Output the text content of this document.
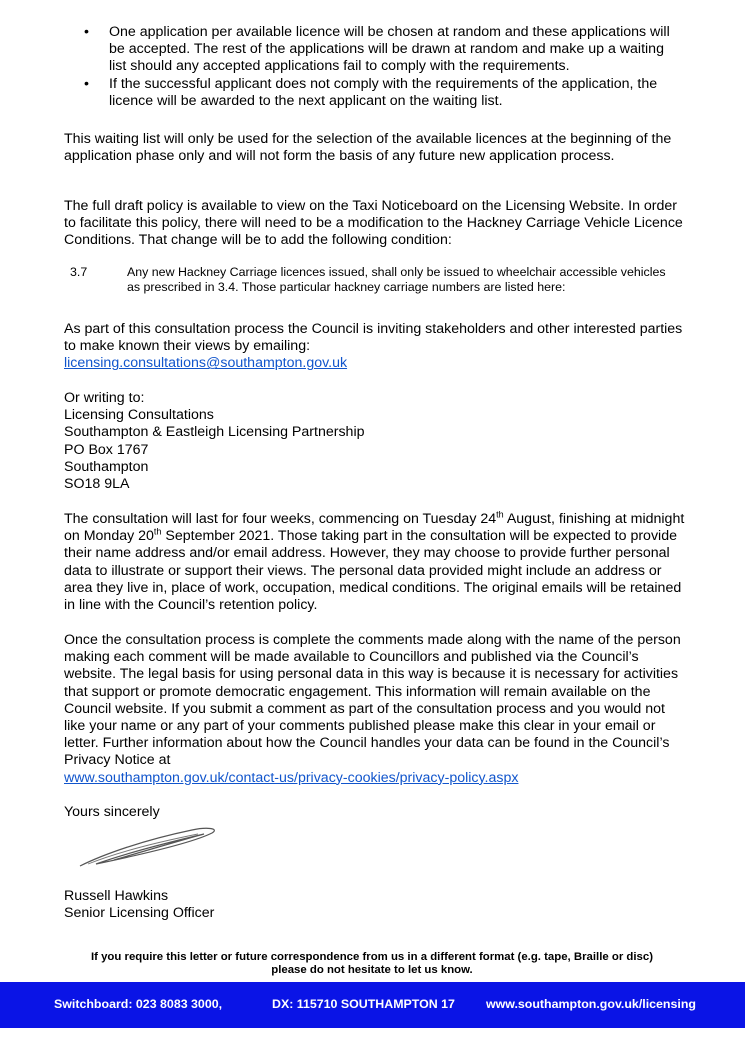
• One application per available licence will be chosen at random and these applications will be accepted. The rest of the applications will be drawn at random and make up a waiting list should any accepted applications fail to comply with the requirements.
• If the successful applicant does not comply with the requirements of the application, the licence will be awarded to the next applicant on the waiting list.

This waiting list will only be used for the selection of the available licences at the beginning of the application phase only and will not form the basis of any future new application process.

The full draft policy is available to view on the Taxi Noticeboard on the Licensing Website. In order to facilitate this policy, there will need to be a modification to the Hackney Carriage Vehicle Licence Conditions. That change will be to add the following condition:

3.7	Any new Hackney Carriage licences issued, shall only be issued to wheelchair accessible vehicles as prescribed in 3.4. Those particular hackney carriage numbers are listed here:
As part of this consultation process the Council is inviting stakeholders and other interested parties to make known their views by emailing:
licensing.consultations@southampton.gov.uk
Or writing to:
Licensing Consultations
Southampton & Eastleigh Licensing Partnership
PO Box 1767
Southampton
SO18 9LA

The consultation will last for four weeks, commencing on Tuesday 24th August, finishing at midnight on Monday 20th September 2021. Those taking part in the consultation will be expected to provide their name address and/or email address. However, they may choose to provide further personal data to illustrate or support their views. The personal data provided might include an address or area they live in, place of work, occupation, medical conditions. The original emails will be retained in line with the Council’s retention policy.

Once the consultation process is complete the comments made along with the name of the person making each comment will be made available to Councillors and published via the Council’s website. The legal basis for using personal data in this way is because it is necessary for activities that support or promote democratic engagement. This information will remain available on the Council website. If you submit a comment as part of the consultation process and you would not like your name or any part of your comments published please make this clear in your email or letter. Further information about how the Council handles your data can be found in the Council’s Privacy Notice at
www.southampton.gov.uk/contact-us/privacy-cookies/privacy-policy.aspx

Yours sincerely
Russell Hawkins
Senior Licensing Officer
If you require this letter or future correspondence from us in a different format (e.g. tape, Braille or disc) please do not hesitate to let us know.
Switchboard: 023 8083 3000,	DX: 115710 SOUTHAMPTON 17	www.southampton.gov.uk/licensing
